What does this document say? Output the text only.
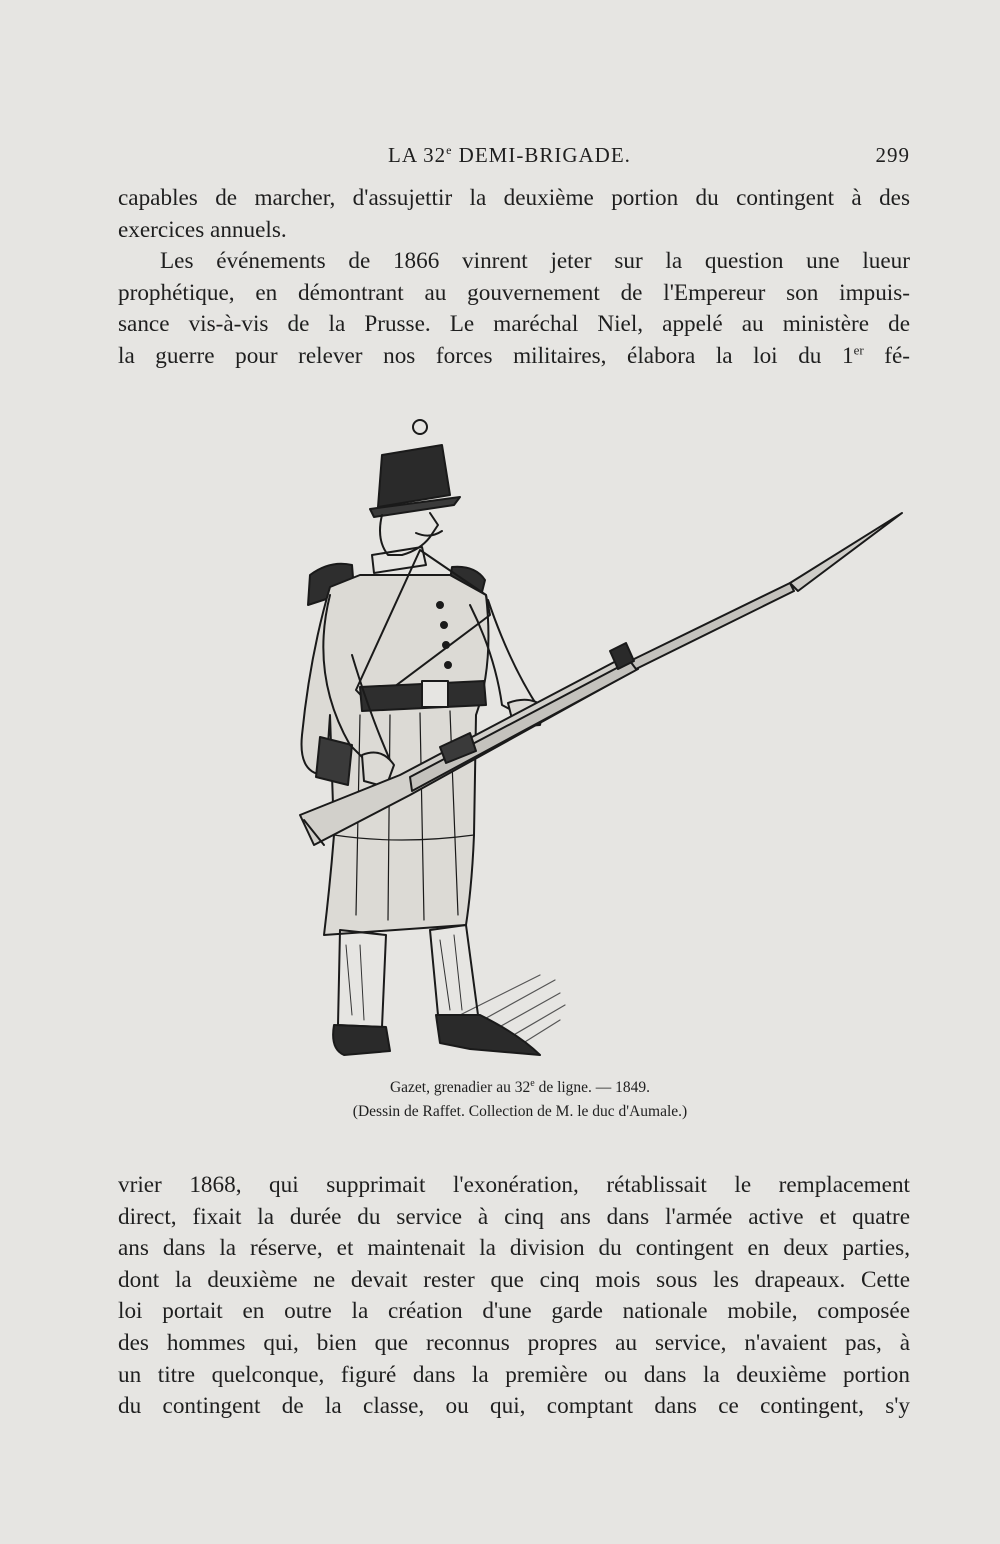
LA 32e DEMI-BRIGADE.	299

capables de marcher, d'assujettir la deuxième portion du contingent à des
exercices annuels.
Les événements de 1866 vinrent jeter sur la question une lueur
prophétique, en démontrant au gouvernement de l'Empereur son impuis-
sance vis-à-vis de la Prusse. Le maréchal Niel, appelé au ministère de
la guerre pour relever nos forces militaires, élabora la loi du 1er fé-

Gazet, grenadier au 32e de ligne. — 1849.
(Dessin de Raffet. Collection de M. le duc d'Aumale.)

vrier 1868, qui supprimait l'exonération, rétablissait le remplacement
direct, fixait la durée du service à cinq ans dans l'armée active et quatre
ans dans la réserve, et maintenait la division du contingent en deux parties,
dont la deuxième ne devait rester que cinq mois sous les drapeaux. Cette
loi portait en outre la création d'une garde nationale mobile, composée
des hommes qui, bien que reconnus propres au service, n'avaient pas, à
un titre quelconque, figuré dans la première ou dans la deuxième portion
du contingent de la classe, ou qui, comptant dans ce contingent, s'y
